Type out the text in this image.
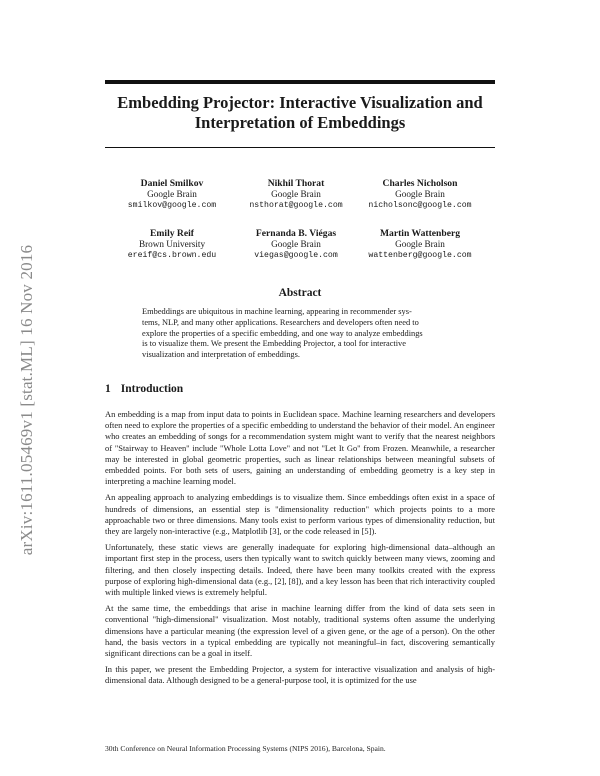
Embedding Projector: Interactive Visualization and
Interpretation of Embeddings
arXiv:1611.05469v1 [stat.ML] 16 Nov 2016
Daniel Smilkov
Google Brain
smilkov@google.com
Nikhil Thorat
Google Brain
nsthorat@google.com
Charles Nicholson
Google Brain
nicholsonc@google.com
Emily Reif
Brown University
ereif@cs.brown.edu
Fernanda B. Viégas
Google Brain
viegas@google.com
Martin Wattenberg
Google Brain
wattenberg@google.com
Abstract
Embeddings are ubiquitous in machine learning, appearing in recommender sys-
tems, NLP, and many other applications. Researchers and developers often need to
explore the properties of a specific embedding, and one way to analyze embeddings
is to visualize them. We present the Embedding Projector, a tool for interactive
visualization and interpretation of embeddings.
1 Introduction

An embedding is a map from input data to points in Euclidean space. Machine learning researchers and developers often need to explore the properties of a specific embedding to understand the behavior of their model. An engineer who creates an embedding of songs for a recommendation system might want to verify that the nearest neighbors of "Stairway to Heaven" include "Whole Lotta Love" and not "Let It Go" from Frozen. Meanwhile, a researcher may be interested in global geometric properties, such as linear relationships between meaningful subsets of embedded points. For both sets of users, gaining an understanding of embedding geometry is a key step in interpreting a machine learning model.

An appealing approach to analyzing embeddings is to visualize them. Since embeddings often exist in a space of hundreds of dimensions, an essential step is "dimensionality reduction" which projects points to a more approachable two or three dimensions. Many tools exist to perform various types of dimensionality reduction, but they are largely non-interactive (e.g., Matplotlib [3], or the code released in [5]).

Unfortunately, these static views are generally inadequate for exploring high-dimensional data–although an important first step in the process, users then typically want to switch quickly between many views, zooming and filtering, and then closely inspecting details. Indeed, there have been many toolkits created with the express purpose of exploring high-dimensional data (e.g., [2], [8]), and a key lesson has been that rich interactivity coupled with multiple linked views is extremely helpful.

At the same time, the embeddings that arise in machine learning differ from the kind of data sets seen in conventional "high-dimensional" visualization. Most notably, traditional systems often assume the underlying dimensions have a particular meaning (the expression level of a given gene, or the age of a person). On the other hand, the basis vectors in a typical embedding are typically not meaningful–in fact, discovering semantically significant directions can be a goal in itself.

In this paper, we present the Embedding Projector, a system for interactive visualization and analysis of high-dimensional data. Although designed to be a general-purpose tool, it is optimized for the use

30th Conference on Neural Information Processing Systems (NIPS 2016), Barcelona, Spain.
